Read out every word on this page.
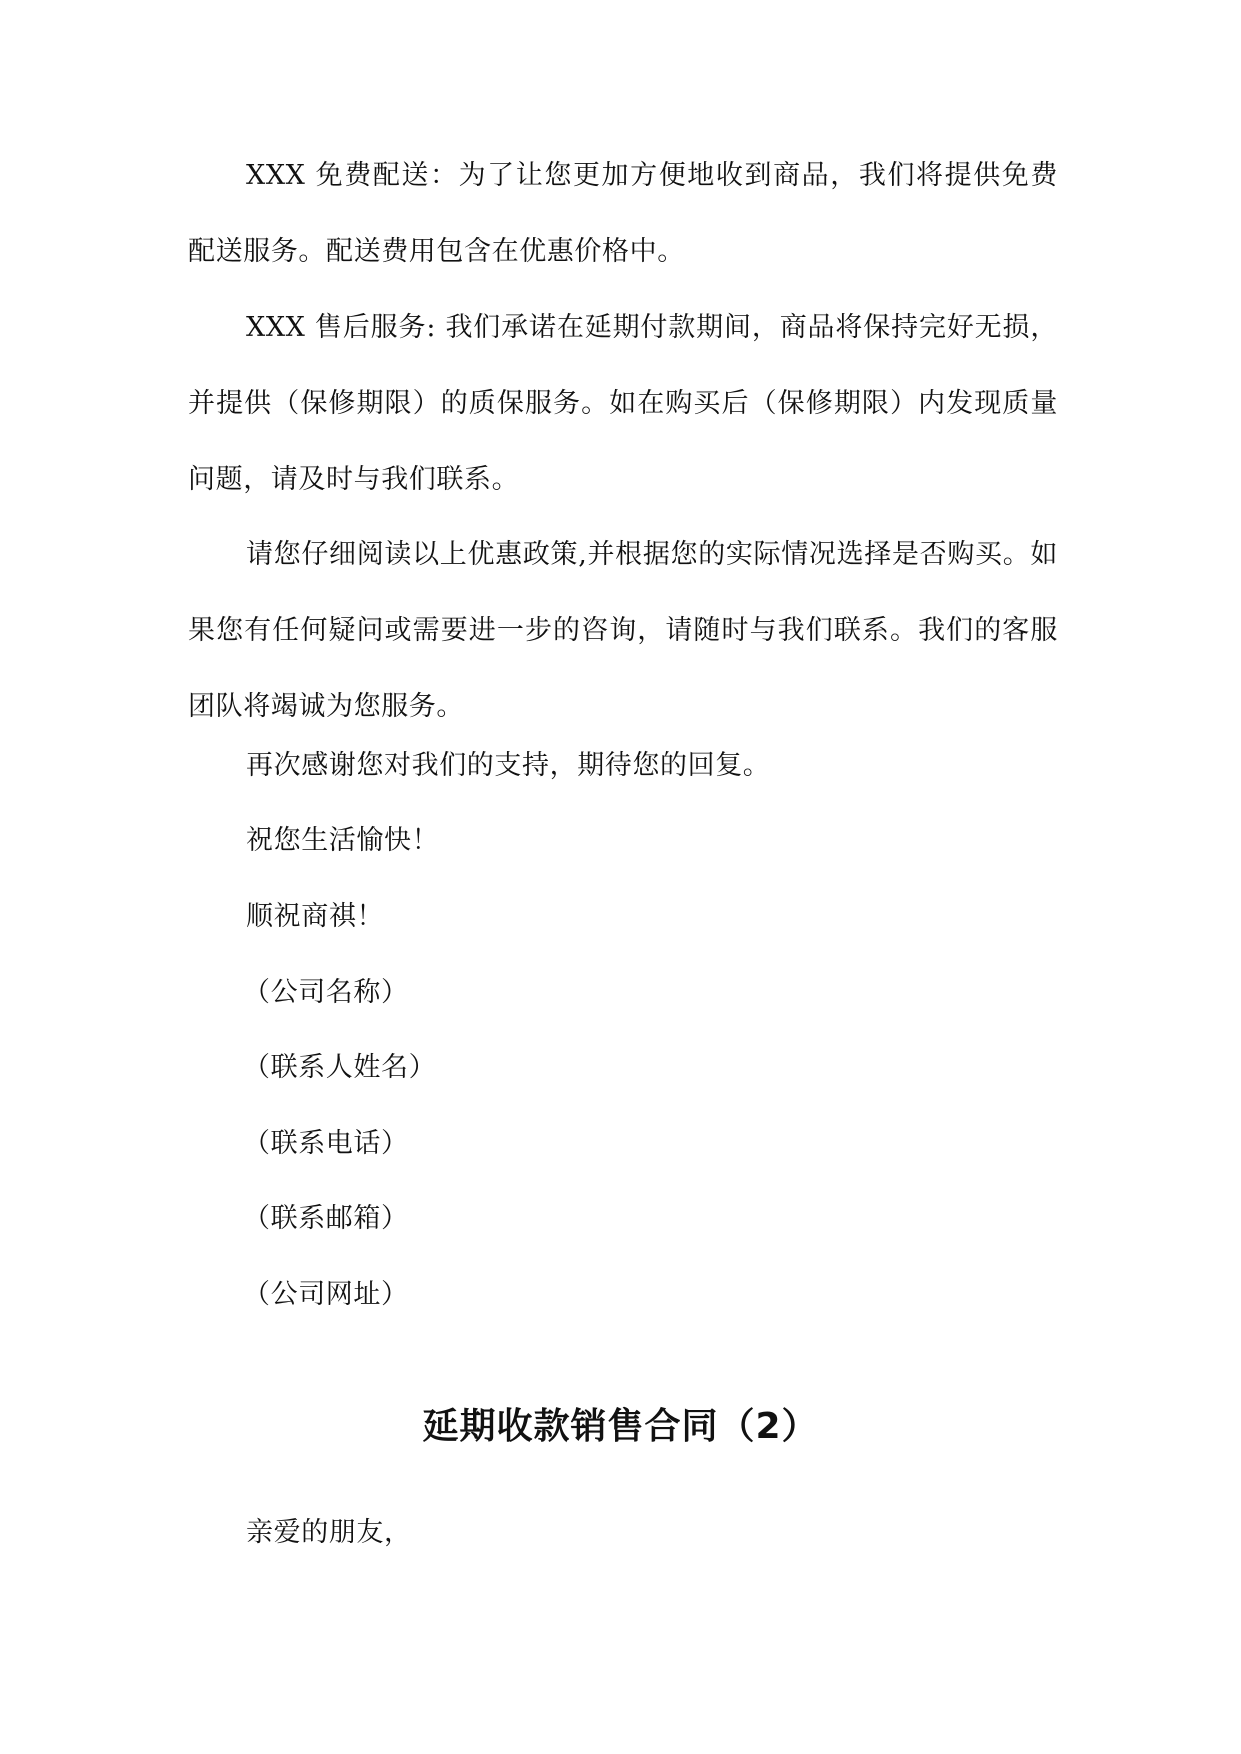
XXX 免费配送：为了让您更加方便地收到商品，我们将提供免费配送服务。配送费用包含在优惠价格中。

XXX 售后服务: 我们承诺在延期付款期间，商品将保持完好无损，并提供（保修期限）的质保服务。如在购买后（保修期限）内发现质量问题，请及时与我们联系。

请您仔细阅读以上优惠政策,并根据您的实际情况选择是否购买。如果您有任何疑问或需要进一步的咨询，请随时与我们联系。我们的客服团队将竭诚为您服务。

再次感谢您对我们的支持，期待您的回复。

祝您生活愉快！

顺祝商祺！

（公司名称）

（联系人姓名）

（联系电话）

（联系邮箱）

（公司网址）

延期收款销售合同（2）

亲爱的朋友，
